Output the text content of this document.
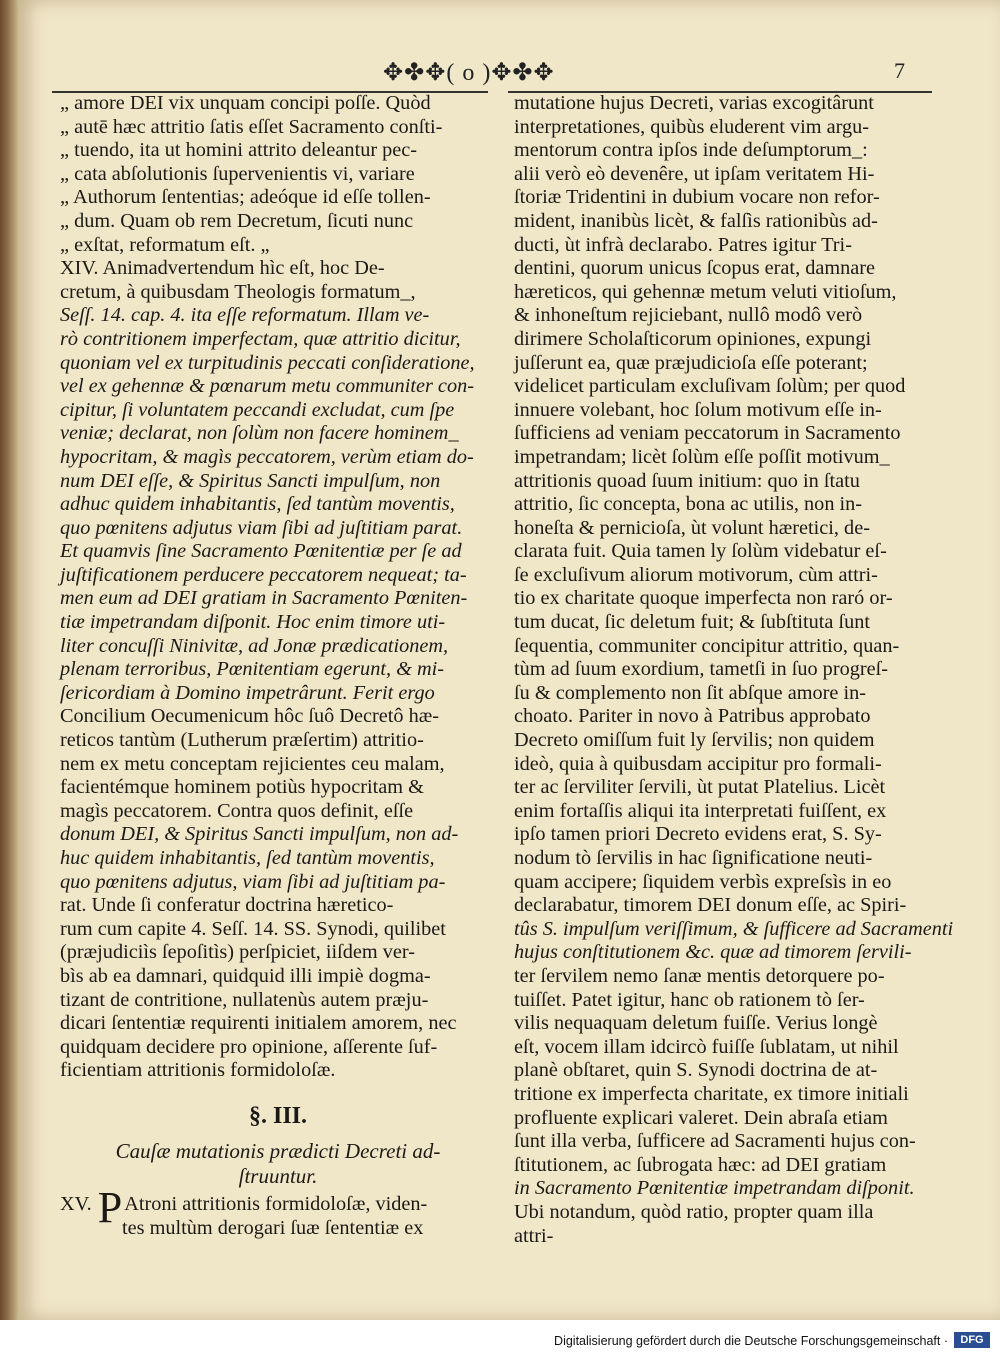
✥✤✥( o )✥✤✥	7
„ amore DEI vix unquam concipi poſſe. Quòd
„ autē hæc attritio ſatis eſſet Sacramento conſti-
„ tuendo, ita ut homini attrito deleantur pec-
„ cata abſolutionis ſupervenientis vi, variare
„ Authorum ſententias; adeóque id eſſe tollen-
„ dum. Quam ob rem Decretum, ſicuti nunc
„ exſtat, reformatum eſt. „
XIV. Animadvertendum hìc eſt, hoc De-
cretum, à quibusdam Theologis formatum_,
Seſſ. 14. cap. 4. ita eſſe reformatum. Illam ve-
rò contritionem imperfectam, quæ attritio dicitur,
quoniam vel ex turpitudinis peccati conſideratione,
vel ex gehennæ & pœnarum metu communiter con-
cipitur, ſi voluntatem peccandi excludat, cum ſpe
veniæ; declarat, non ſolùm non facere hominem_
hypocritam, & magìs peccatorem, verùm etiam do-
num DEI eſſe, & Spiritus Sancti impulſum, non
adhuc quidem inhabitantis, ſed tantùm moventis,
quo pœnitens adjutus viam ſibi ad juſtitiam parat.
Et quamvis ſine Sacramento Pœnitentiæ per ſe ad
juſtificationem perducere peccatorem nequeat; ta-
men eum ad DEI gratiam in Sacramento Pœniten-
tiæ impetrandam diſponit. Hoc enim timore uti-
liter concuſſi Ninivitæ, ad Jonæ prædicationem,
plenam terroribus, Pœnitentiam egerunt, & mi-
ſericordiam à Domino impetrârunt. Ferit ergo
Concilium Oecumenicum hôc ſuô Decretô hæ-
reticos tantùm (Lutherum præſertim) attritio-
nem ex metu conceptam rejicientes ceu malam,
facientémque hominem potiùs hypocritam &
magìs peccatorem. Contra quos definit, eſſe
donum DEI, & Spiritus Sancti impulſum, non ad-
huc quidem inhabitantis, ſed tantùm moventis,
quo pœnitens adjutus, viam ſibi ad juſtitiam pa-
rat. Unde ſi conferatur doctrina hæretico-
rum cum capite 4. Seſſ. 14. SS. Synodi, quilibet
(præjudiciìs ſepoſitìs) perſpiciet, iiſdem ver-
bìs ab ea damnari, quidquid illi impiè dogma-
tizant de contritione, nullatenùs autem præju-
dicari ſententiæ requirenti initialem amorem, nec
quidquam decidere pro opinione, aſſerente ſuf-
ficientiam attritionis formidoloſæ.
§. III.
Cauſæ mutationis prædicti Decreti ad-
ſtruuntur.
XV. PAtroni attritionis formidoloſæ, viden-
tes multùm derogari ſuæ ſententiæ ex
mutatione hujus Decreti, varias excogitârunt
interpretationes, quibùs eluderent vim argu-
mentorum contra ipſos inde deſumptorum_:
alii verò eò devenêre, ut ipſam veritatem Hi-
ſtoriæ Tridentini in dubium vocare non refor-
mident, inanibùs licèt, & falſìs rationibùs ad-
ducti, ùt infrà declarabo. Patres igitur Tri-
dentini, quorum unicus ſcopus erat, damnare
hæreticos, qui gehennæ metum veluti vitioſum,
& inhoneſtum rejiciebant, nullô modô verò
dirimere Scholaſticorum opiniones, expungi
juſſerunt ea, quæ præjudicioſa eſſe poterant;
videlicet particulam excluſivam ſolùm; per quod
innuere volebant, hoc ſolum motivum eſſe in-
ſufficiens ad veniam peccatorum in Sacramento
impetrandam; licèt ſolùm eſſe poſſit motivum_
attritionis quoad ſuum initium: quo in ſtatu
attritio, ſic concepta, bona ac utilis, non in-
honeſta & pernicioſa, ùt volunt hæretici, de-
clarata fuit. Quia tamen ly ſolùm videbatur eſ-
ſe excluſivum aliorum motivorum, cùm attri-
tio ex charitate quoque imperfecta non raró or-
tum ducat, ſic deletum fuit; & ſubſtituta ſunt
ſequentia, communiter concipitur attritio, quan-
tùm ad ſuum exordium, tametſi in ſuo progreſ-
ſu & complemento non ſit abſque amore in-
choato. Pariter in novo à Patribus approbato
Decreto omiſſum fuit ly ſervilis; non quidem
ideò, quia à quibusdam accipitur pro formali-
ter ac ſerviliter ſervili, ùt putat Platelius. Licèt
enim fortaſſis aliqui ita interpretati fuiſſent, ex
ipſo tamen priori Decreto evidens erat, S. Sy-
nodum tò ſervilis in hac ſignificatione neuti-
quam accipere; ſiquidem verbìs expreſsìs in eo
declarabatur, timorem DEI donum eſſe, ac Spiri-
tûs S. impulſum veriſſimum, & ſufficere ad Sacramenti
hujus conſtitutionem &c. quæ ad timorem ſervili-
ter ſervilem nemo ſanæ mentis detorquere po-
tuiſſet. Patet igitur, hanc ob rationem tò ſer-
vilis nequaquam deletum fuiſſe. Verius longè
eſt, vocem illam idcircò fuiſſe ſublatam, ut nihil
planè obſtaret, quin S. Synodi doctrina de at-
tritione ex imperfecta charitate, ex timore initiali
profluente explicari valeret. Dein abraſa etiam
ſunt illa verba, ſufficere ad Sacramenti hujus con-
ſtitutionem, ac ſubrogata hæc: ad DEI gratiam
in Sacramento Pœnitentiæ impetrandam diſponit.
Ubi notandum, quòd ratio, propter quam illa
attri-
Digitalisierung gefördert durch die Deutsche Forschungsgemeinschaft ·	DFG
